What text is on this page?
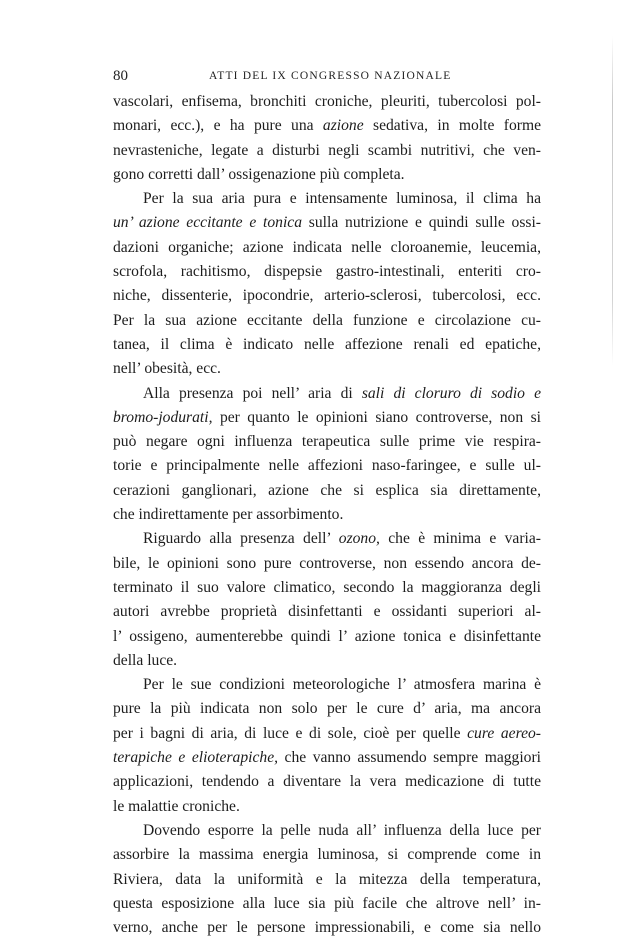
80	ATTI DEL IX CONGRESSO NAZIONALE
vascolari, enfisema, bronchiti croniche, pleuriti, tubercolosi pol-
monari, ecc.), e ha pure una azione sedativa, in molte forme
nevrasteniche, legate a disturbi negli scambi nutritivi, che ven-
gono corretti dall’ ossigenazione più completa.
Per la sua aria pura e intensamente luminosa, il clima ha
un’ azione eccitante e tonica sulla nutrizione e quindi sulle ossi-
dazioni organiche; azione indicata nelle cloroanemie, leucemia,
scrofola, rachitismo, dispepsie gastro-intestinali, enteriti cro-
niche, dissenterie, ipocondrie, arterio-sclerosi, tubercolosi, ecc.
Per la sua azione eccitante della funzione e circolazione cu-
tanea, il clima è indicato nelle affezione renali ed epatiche,
nell’ obesità, ecc.
Alla presenza poi nell’ aria di sali di cloruro di sodio e
bromo-jodurati, per quanto le opinioni siano controverse, non si
può negare ogni influenza terapeutica sulle prime vie respira-
torie e principalmente nelle affezioni naso-faringee, e sulle ul-
cerazioni ganglionari, azione che si esplica sia direttamente,
che indirettamente per assorbimento.
Riguardo alla presenza dell’ ozono, che è minima e varia-
bile, le opinioni sono pure controverse, non essendo ancora de-
terminato il suo valore climatico, secondo la maggioranza degli
autori avrebbe proprietà disinfettanti e ossidanti superiori al-
l’ ossigeno, aumenterebbe quindi l’ azione tonica e disinfettante
della luce.
Per le sue condizioni meteorologiche l’ atmosfera marina è
pure la più indicata non solo per le cure d’ aria, ma ancora
per i bagni di aria, di luce e di sole, cioè per quelle cure aereo-
terapiche e elioterapiche, che vanno assumendo sempre maggiori
applicazioni, tendendo a diventare la vera medicazione di tutte
le malattie croniche.
Dovendo esporre la pelle nuda all’ influenza della luce per
assorbire la massima energia luminosa, si comprende come in
Riviera, data la uniformità e la mitezza della temperatura,
questa esposizione alla luce sia più facile che altrove nell’ in-
verno, anche per le persone impressionabili, e come sia nello
